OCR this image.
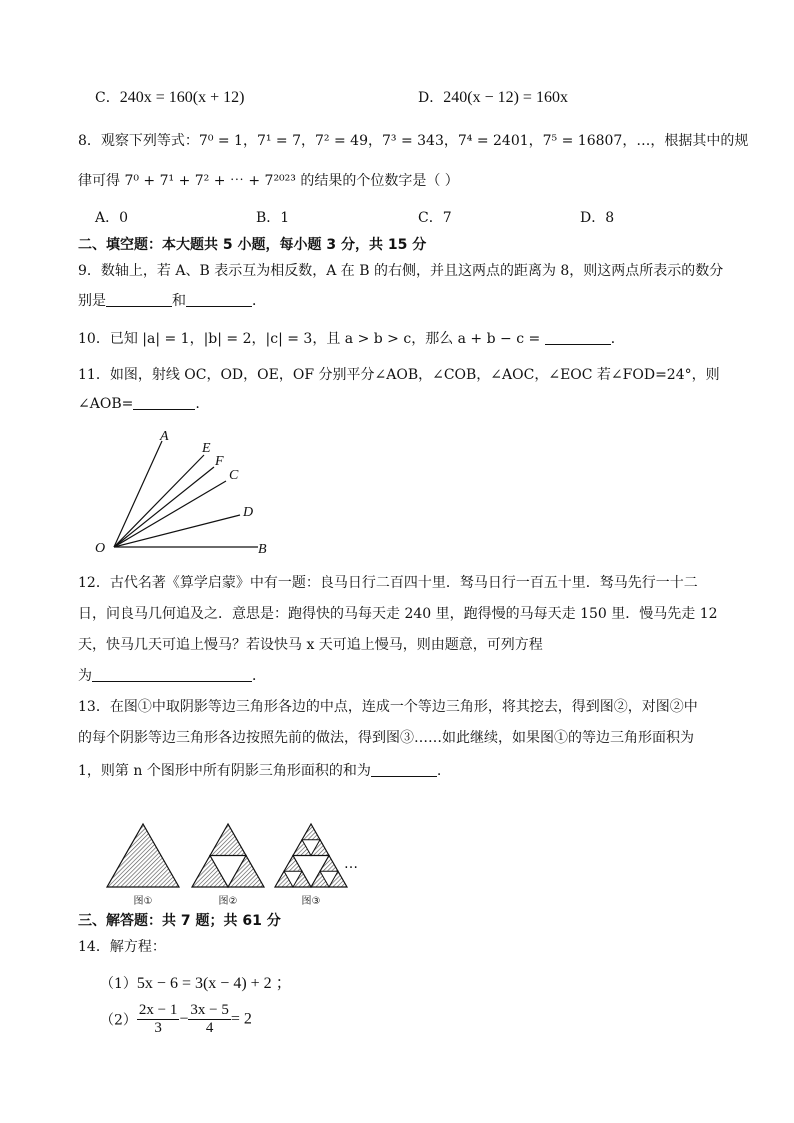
C．240x = 160(x + 12)	D．240(x − 12) = 160x
8．观察下列等式：7⁰ = 1，7¹ = 7，7² = 49，7³ = 343，7⁴ = 2401，7⁵ = 16807，…，根据其中的规
律可得 7⁰ + 7¹ + 7² + ⋯ + 7²⁰²³ 的结果的个位数字是（ ）
A．0	B．1	C．7	D．8
二、填空题：本大题共 5 小题，每小题 3 分，共 15 分
9．数轴上，若 A、B 表示互为相反数，A 在 B 的右侧，并且这两点的距离为 8，则这两点所表示的数分
别是	和	．
10．已知 |a| = 1，|b| = 2，|c| = 3，且 a > b > c，那么 a + b − c =	．
11．如图，射线 OC，OD，OE，OF 分别平分∠AOB，∠COB，∠AOC，∠EOC 若∠FOD=24°，则
∠AOB=	.
A
E
F
C
D
O	B
12．古代名著《算学启蒙》中有一题：良马日行二百四十里．驽马日行一百五十里．驽马先行一十二
日，问良马几何追及之．意思是：跑得快的马每天走 240 里，跑得慢的马每天走 150 里．慢马先走 12
天，快马几天可追上慢马？若设快马 x 天可追上慢马，则由题意，可列方程
为	．
13．在图①中取阴影等边三角形各边的中点，连成一个等边三角形，将其挖去，得到图②，对图②中
的每个阴影等边三角形各边按照先前的做法，得到图③……如此继续，如果图①的等边三角形面积为
1，则第 n 个图形中所有阴影三角形面积的和为	.
…
图①	图②	图③
三、解答题：共 7 题；共 61 分
14．解方程：
（1）5x − 6 = 3(x − 4) + 2 ；
$(2) \frac{2x - 1}{3} - \frac{3x - 5}{4} = 2$
